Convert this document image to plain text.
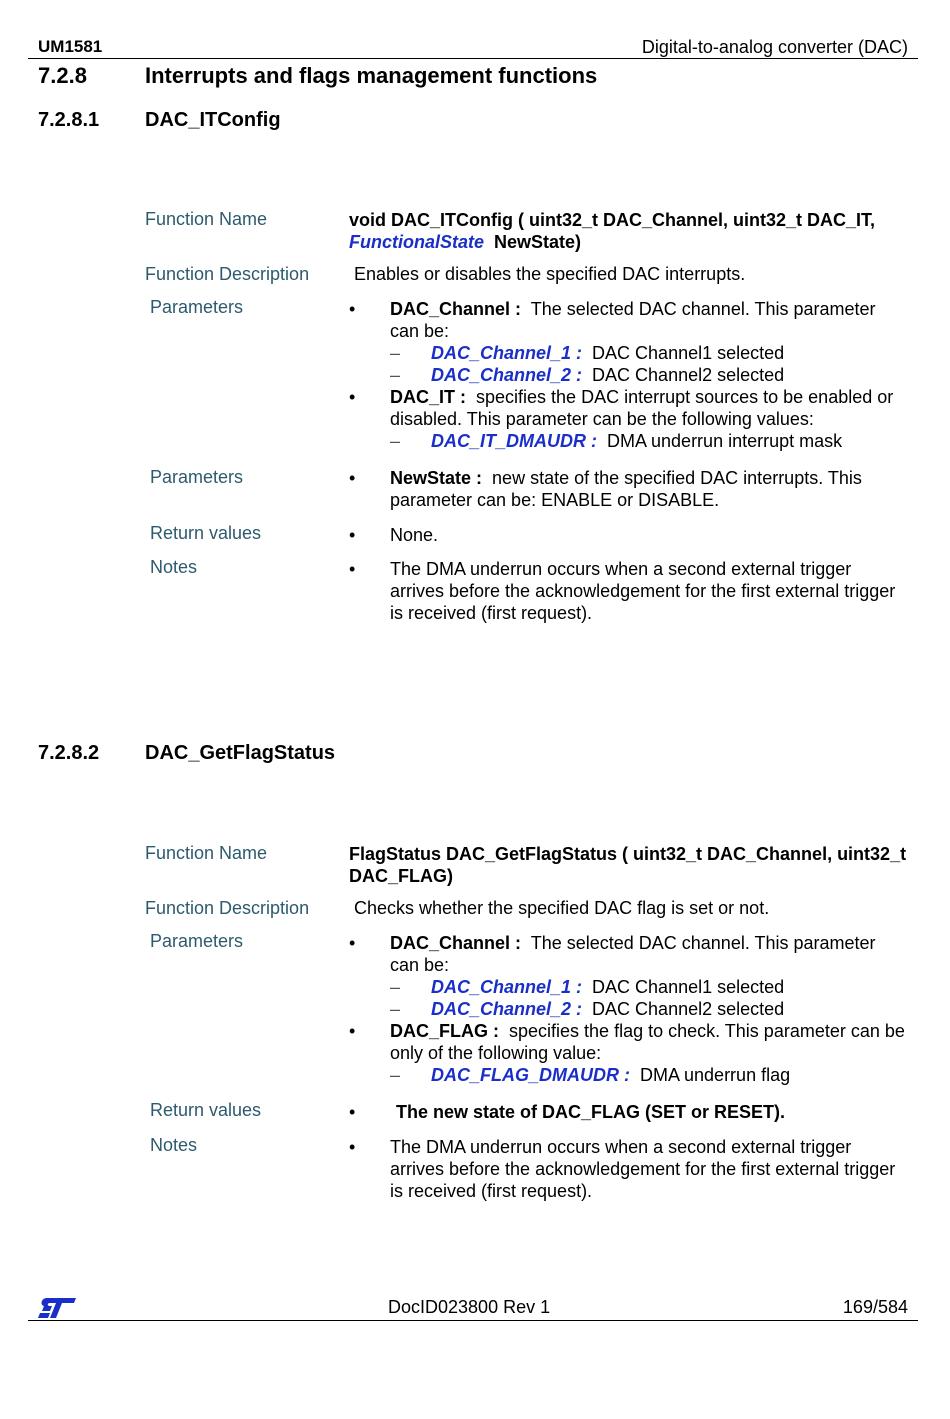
UM1581	Digital-to-analog converter (DAC)
7.2.8	Interrupts and flags management functions
7.2.8.1 DAC_ITConfig
Function Name	void DAC_ITConfig ( uint32_t DAC_Channel, uint32_t DAC_IT,
FunctionalState NewState)
Function Description Enables or disables the specified DAC interrupts.
Parameters	• DAC_Channel : The selected DAC channel. This parameter can be:
– DAC_Channel_1 : DAC Channel1 selected
– DAC_Channel_2 : DAC Channel2 selected
• DAC_IT : specifies the DAC interrupt sources to be enabled or disabled. This parameter can be the following values:
– DAC_IT_DMAUDR : DMA underrun interrupt mask
Parameters	• NewState : new state of the specified DAC interrupts. This parameter can be: ENABLE or DISABLE.
Return values	• None.
Notes	• The DMA underrun occurs when a second external trigger arrives before the acknowledgement for the first external trigger is received (first request).
7.2.8.2 DAC_GetFlagStatus
Function Name	FlagStatus DAC_GetFlagStatus ( uint32_t DAC_Channel, uint32_t DAC_FLAG)
Function Description Checks whether the specified DAC flag is set or not.
Parameters	• DAC_Channel : The selected DAC channel. This parameter can be:
– DAC_Channel_1 : DAC Channel1 selected
– DAC_Channel_2 : DAC Channel2 selected
• DAC_FLAG : specifies the flag to check. This parameter can be only of the following value:
– DAC_FLAG_DMAUDR : DMA underrun flag
Return values	• The new state of DAC_FLAG (SET or RESET).
Notes	• The DMA underrun occurs when a second external trigger arrives before the acknowledgement for the first external trigger is received (first request).
DocID023800 Rev 1	169/584
